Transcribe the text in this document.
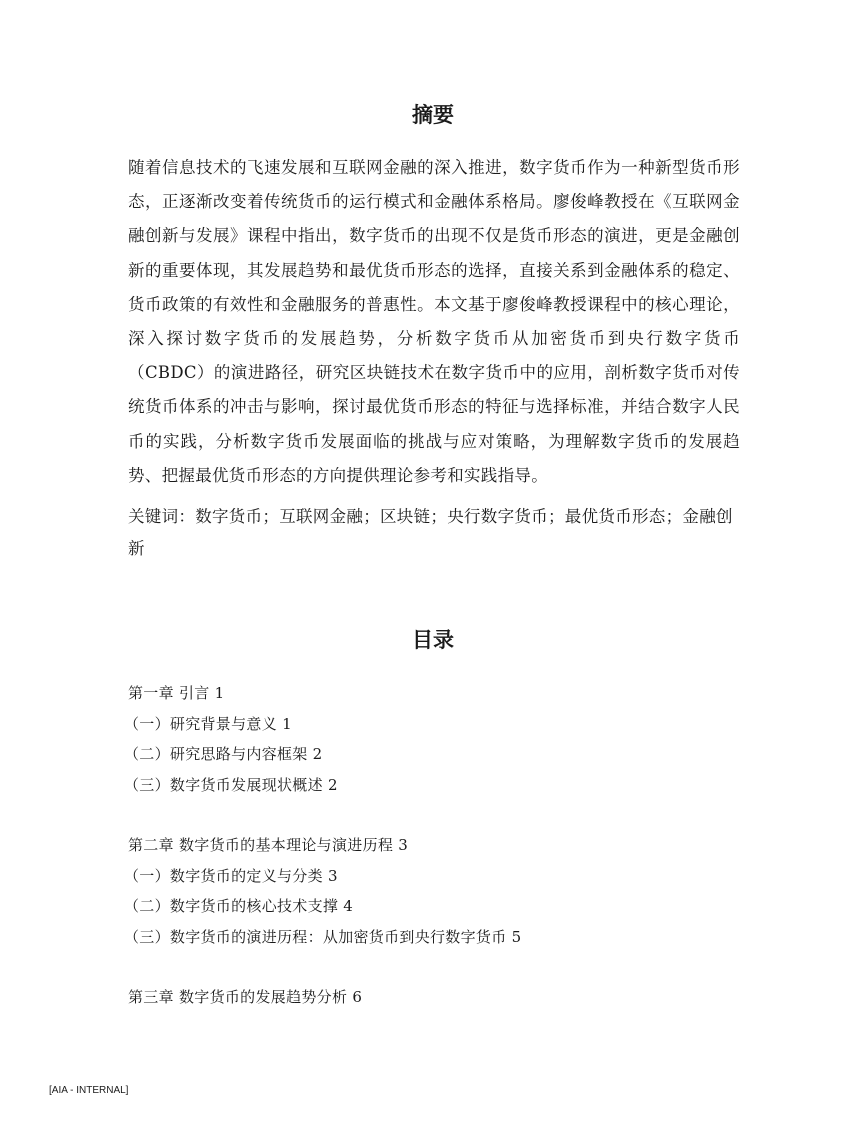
摘要
随着信息技术的飞速发展和互联网金融的深入推进，数字货币作为一种新型货币形态，正逐渐改变着传统货币的运行模式和金融体系格局。廖俊峰教授在《互联网金融创新与发展》课程中指出，数字货币的出现不仅是货币形态的演进，更是金融创新的重要体现，其发展趋势和最优货币形态的选择，直接关系到金融体系的稳定、货币政策的有效性和金融服务的普惠性。本文基于廖俊峰教授课程中的核心理论，深入探讨数字货币的发展趋势，分析数字货币从加密货币到央行数字货币（CBDC）的演进路径，研究区块链技术在数字货币中的应用，剖析数字货币对传统货币体系的冲击与影响，探讨最优货币形态的特征与选择标准，并结合数字人民币的实践，分析数字货币发展面临的挑战与应对策略，为理解数字货币的发展趋势、把握最优货币形态的方向提供理论参考和实践指导。
关键词：数字货币；互联网金融；区块链；央行数字货币；最优货币形态；金融创新
目录
第一章 引言 1
（一）研究背景与意义 1
（二）研究思路与内容框架 2
（三）数字货币发展现状概述 2
第二章 数字货币的基本理论与演进历程 3
（一）数字货币的定义与分类 3
（二）数字货币的核心技术支撑 4
（三）数字货币的演进历程：从加密货币到央行数字货币 5
第三章 数字货币的发展趋势分析 6
[AIA - INTERNAL]
